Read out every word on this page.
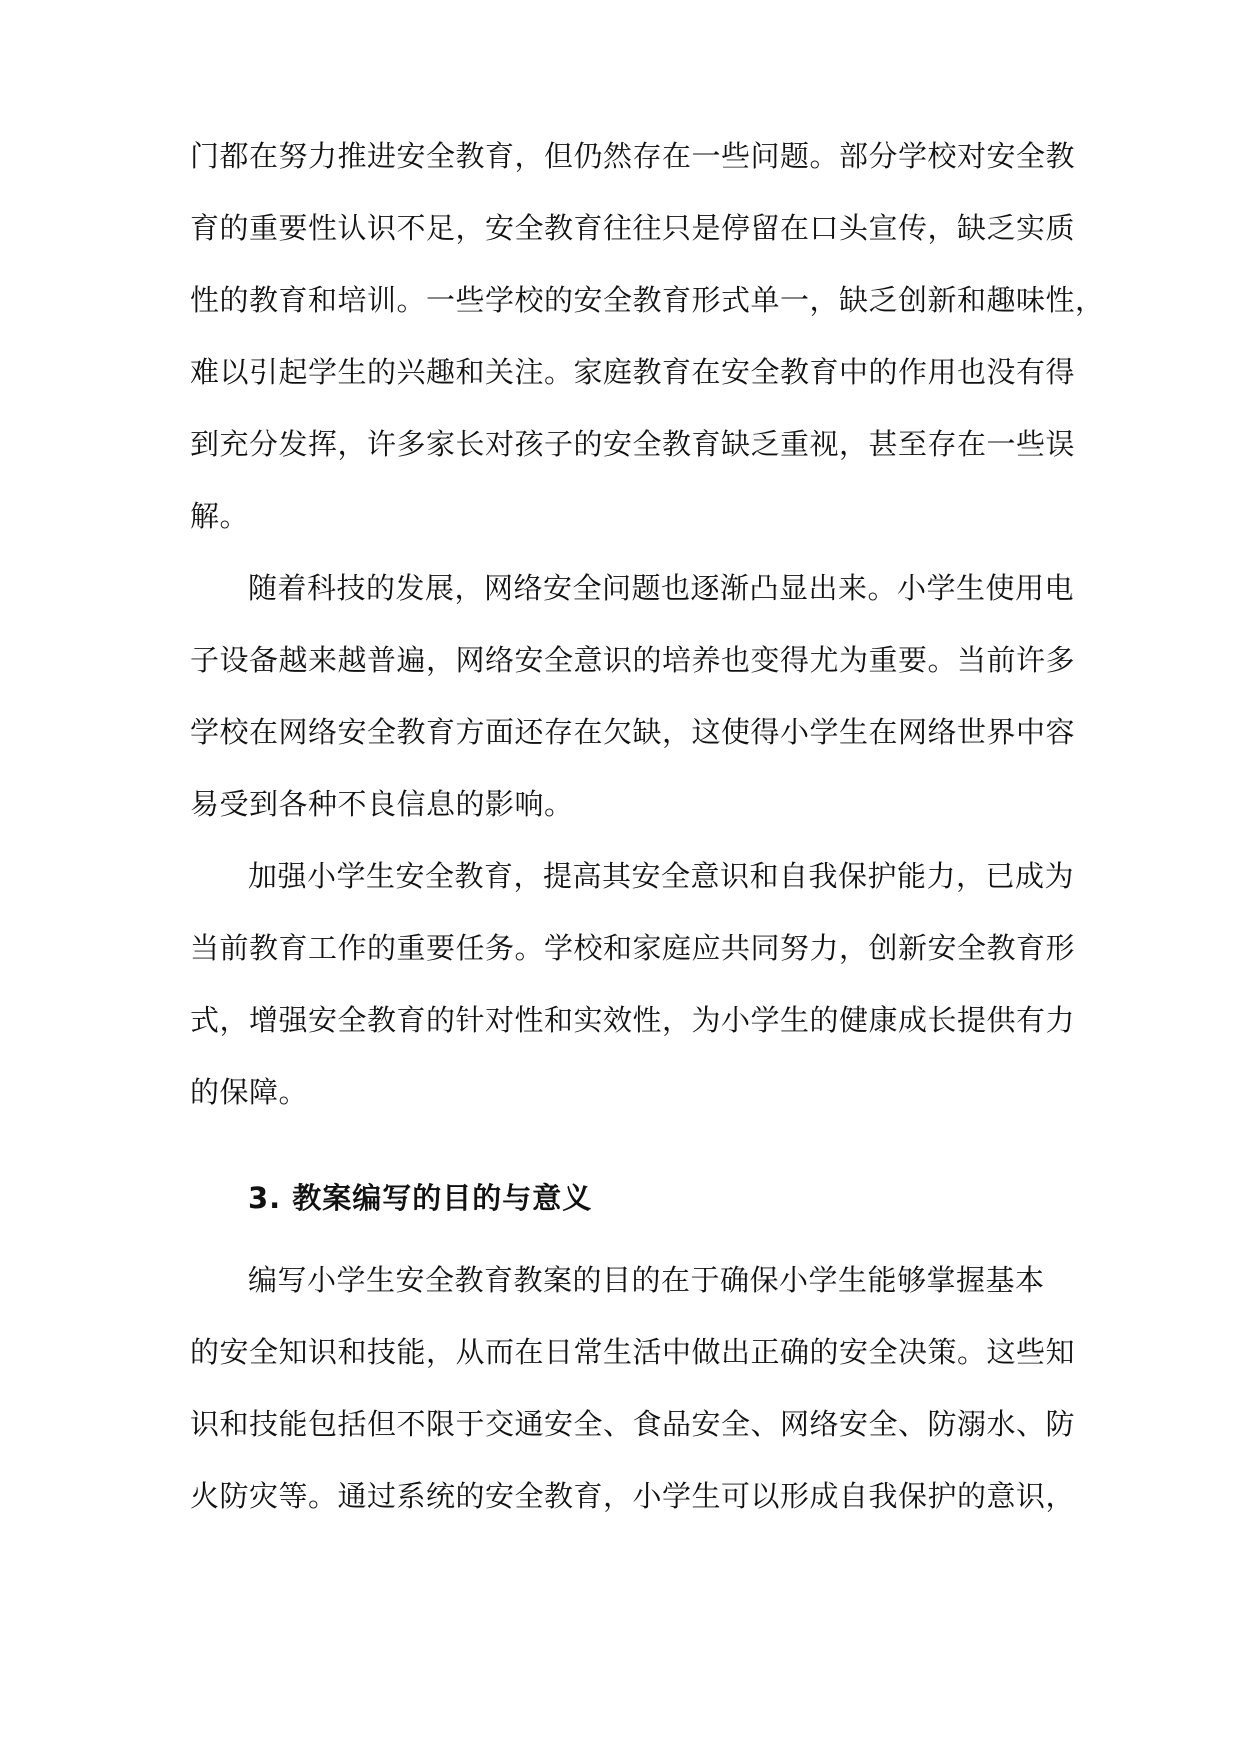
门都在努力推进安全教育，但仍然存在一些问题。部分学校对安全教
育的重要性认识不足，安全教育往往只是停留在口头宣传，缺乏实质
性的教育和培训。一些学校的安全教育形式单一，缺乏创新和趣味性，
难以引起学生的兴趣和关注。家庭教育在安全教育中的作用也没有得
到充分发挥，许多家长对孩子的安全教育缺乏重视，甚至存在一些误
解。
随着科技的发展，网络安全问题也逐渐凸显出来。小学生使用电
子设备越来越普遍，网络安全意识的培养也变得尤为重要。当前许多
学校在网络安全教育方面还存在欠缺，这使得小学生在网络世界中容
易受到各种不良信息的影响。
加强小学生安全教育，提高其安全意识和自我保护能力，已成为
当前教育工作的重要任务。学校和家庭应共同努力，创新安全教育形
式，增强安全教育的针对性和实效性，为小学生的健康成长提供有力
的保障。
3. 教案编写的目的与意义
编写小学生安全教育教案的目的在于确保小学生能够掌握基本
的安全知识和技能，从而在日常生活中做出正确的安全决策。这些知
识和技能包括但不限于交通安全、食品安全、网络安全、防溺水、防
火防灾等。通过系统的安全教育，小学生可以形成自我保护的意识，
